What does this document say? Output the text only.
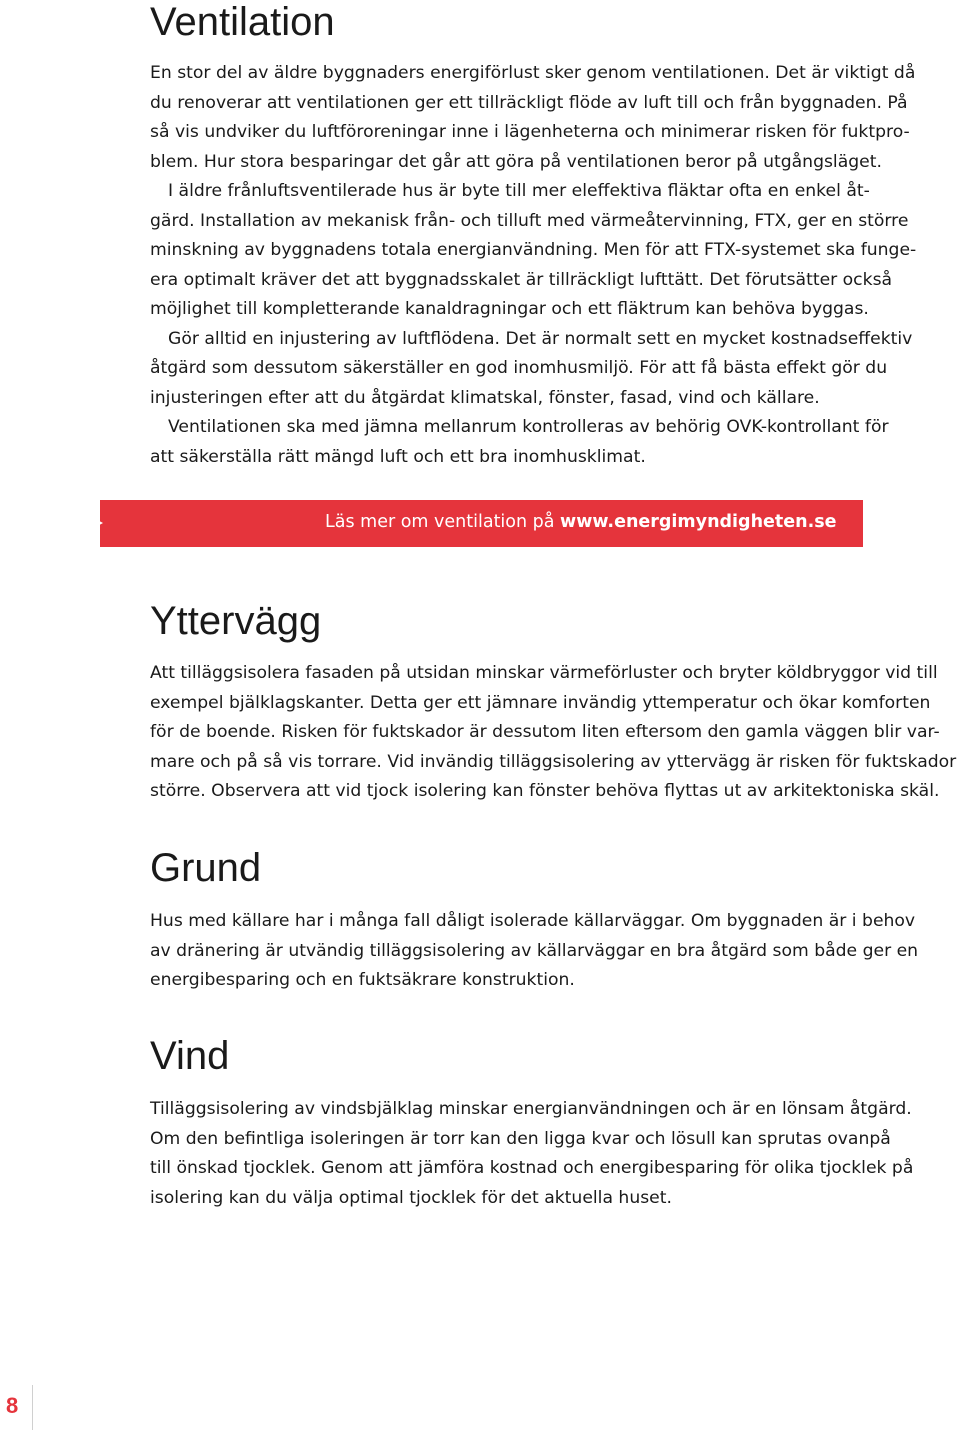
Ventilation
En stor del av äldre byggnaders energiförlust sker genom ventilationen. Det är viktigt då
du renoverar att ventilationen ger ett tillräckligt flöde av luft till och från byggnaden. På
så vis undviker du luftföroreningar inne i lägenheterna och minimerar risken för fuktpro-
blem. Hur stora besparingar det går att göra på ventilationen beror på utgångsläget.
I äldre frånluftsventilerade hus är byte till mer eleffektiva fläktar ofta en enkel åt-
gärd. Installation av mekanisk från- och tilluft med värmeåtervinning, FTX, ger en större
minskning av byggnadens totala energianvändning. Men för att FTX-systemet ska funge-
era optimalt kräver det att byggnadsskalet är tillräckligt lufttätt. Det förutsätter också
möjlighet till kompletterande kanaldragningar och ett fläktrum kan behöva byggas.
Gör alltid en injustering av luftflödena. Det är normalt sett en mycket kostnadseffektiv
åtgärd som dessutom säkerställer en god inomhusmiljö. För att få bästa effekt gör du
injusteringen efter att du åtgärdat klimatskal, fönster, fasad, vind och källare.
Ventilationen ska med jämna mellanrum kontrolleras av behörig OVK-kontrollant för
att säkerställa rätt mängd luft och ett bra inomhusklimat.
Yttervägg
Att tilläggsisolera fasaden på utsidan minskar värmeförluster och bryter köldbryggor vid till
exempel bjälklagskanter. Detta ger ett jämnare invändig yttemperatur och ökar komforten
för de boende. Risken för fuktskador är dessutom liten eftersom den gamla väggen blir var-
mare och på så vis torrare. Vid invändig tilläggsisolering av yttervägg är risken för fuktskador
större. Observera att vid tjock isolering kan fönster behöva flyttas ut av arkitektoniska skäl.
Grund
Hus med källare har i många fall dåligt isolerade källarväggar. Om byggnaden är i behov
av dränering är utvändig tilläggsisolering av källarväggar en bra åtgärd som både ger en
energibesparing och en fuktsäkrare konstruktion.
Vind
Tilläggsisolering av vindsbjälklag minskar energianvändningen och är en lönsam åtgärd.
Om den befintliga isoleringen är torr kan den ligga kvar och lösull kan sprutas ovanpå
till önskad tjocklek. Genom att jämföra kostnad och energibesparing för olika tjocklek på
isolering kan du välja optimal tjocklek för det aktuella huset.
Läs mer om ventilation på www.energimyndigheten.se
8
